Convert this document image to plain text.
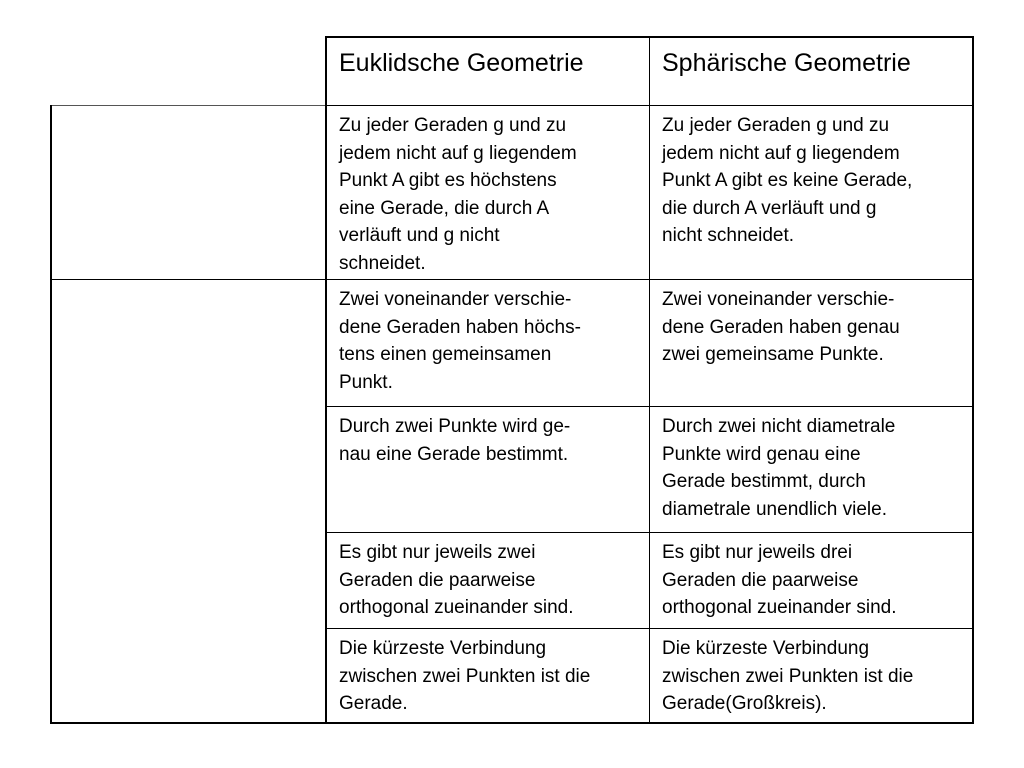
Euklidsche Geometrie	Sphärische Geometrie
Zu jeder Geraden g und zu
jedem nicht auf g liegendem
Punkt A gibt es höchstens
eine Gerade, die durch A
verläuft und g nicht
schneidet.
Zu jeder Geraden g und zu
jedem nicht auf g liegendem
Punkt A gibt es keine Gerade,
die durch A verläuft und g
nicht schneidet.
Zwei voneinander verschie-
dene Geraden haben höchs-
tens einen gemeinsamen
Punkt.
Zwei voneinander verschie-
dene Geraden haben genau
zwei gemeinsame Punkte.
Durch zwei Punkte wird ge-
nau eine Gerade bestimmt.
Durch zwei nicht diametrale
Punkte wird genau eine
Gerade bestimmt, durch
diametrale unendlich viele.
Es gibt nur jeweils zwei
Geraden die paarweise
orthogonal zueinander sind.
Es gibt nur jeweils drei
Geraden die paarweise
orthogonal zueinander sind.
Die kürzeste Verbindung
zwischen zwei Punkten ist die
Gerade.
Die kürzeste Verbindung
zwischen zwei Punkten ist die
Gerade(Großkreis).
